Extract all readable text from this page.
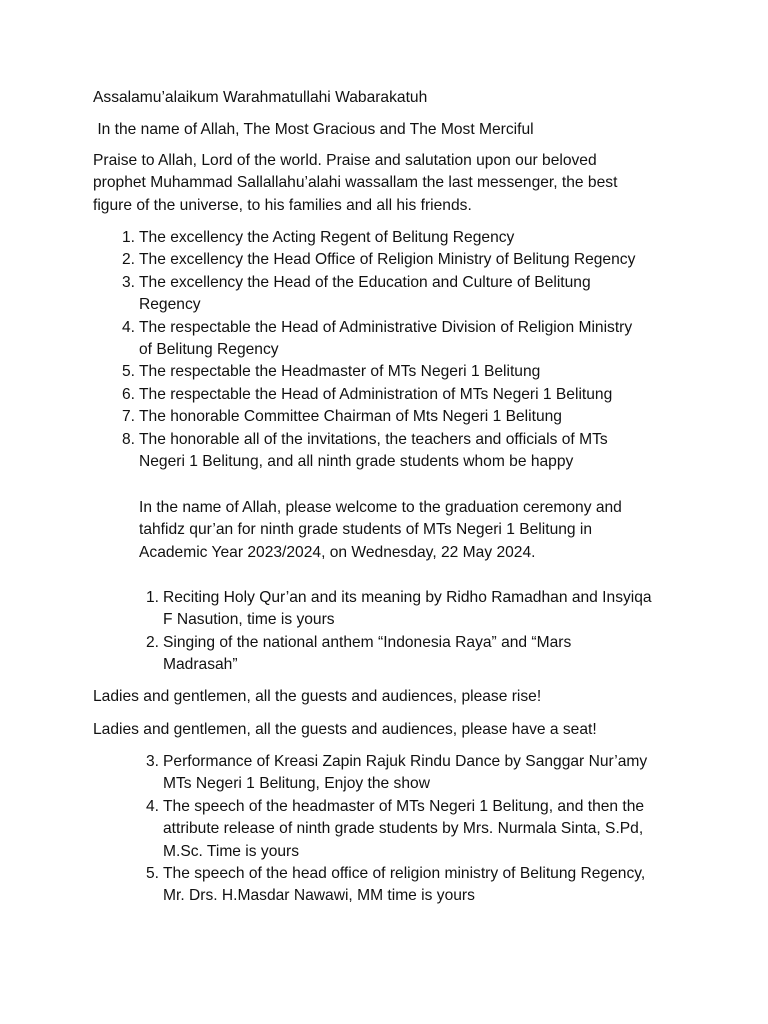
Assalamu’alaikum Warahmatullahi Wabarakatuh
In the name of Allah, The Most Gracious and The Most Merciful
Praise to Allah, Lord of the world. Praise and salutation upon our beloved
prophet Muhammad Sallallahu’alahi wassallam the last messenger, the best
figure of the universe, to his families and all his friends.
1. The excellency the Acting Regent of Belitung Regency
2. The excellency the Head Office of Religion Ministry of Belitung Regency
3. The excellency the Head of the Education and Culture of Belitung
Regency
4. The respectable the Head of Administrative Division of Religion Ministry
of Belitung Regency
5. The respectable the Headmaster of MTs Negeri 1 Belitung
6. The respectable the Head of Administration of MTs Negeri 1 Belitung
7. The honorable Committee Chairman of Mts Negeri 1 Belitung
8. The honorable all of the invitations, the teachers and officials of MTs
Negeri 1 Belitung, and all ninth grade students whom be happy
In the name of Allah, please welcome to the graduation ceremony and
tahfidz qur’an for ninth grade students of MTs Negeri 1 Belitung in
Academic Year 2023/2024, on Wednesday, 22 May 2024.
1. Reciting Holy Qur’an and its meaning by Ridho Ramadhan and Insyiqa
F Nasution, time is yours
2. Singing of the national anthem “Indonesia Raya” and “Mars
Madrasah”
Ladies and gentlemen, all the guests and audiences, please rise!
Ladies and gentlemen, all the guests and audiences, please have a seat!
3. Performance of Kreasi Zapin Rajuk Rindu Dance by Sanggar Nur’amy
MTs Negeri 1 Belitung, Enjoy the show
4. The speech of the headmaster of MTs Negeri 1 Belitung, and then the
attribute release of ninth grade students by Mrs. Nurmala Sinta, S.Pd,
M.Sc. Time is yours
5. The speech of the head office of religion ministry of Belitung Regency,
Mr. Drs. H.Masdar Nawawi, MM time is yours
